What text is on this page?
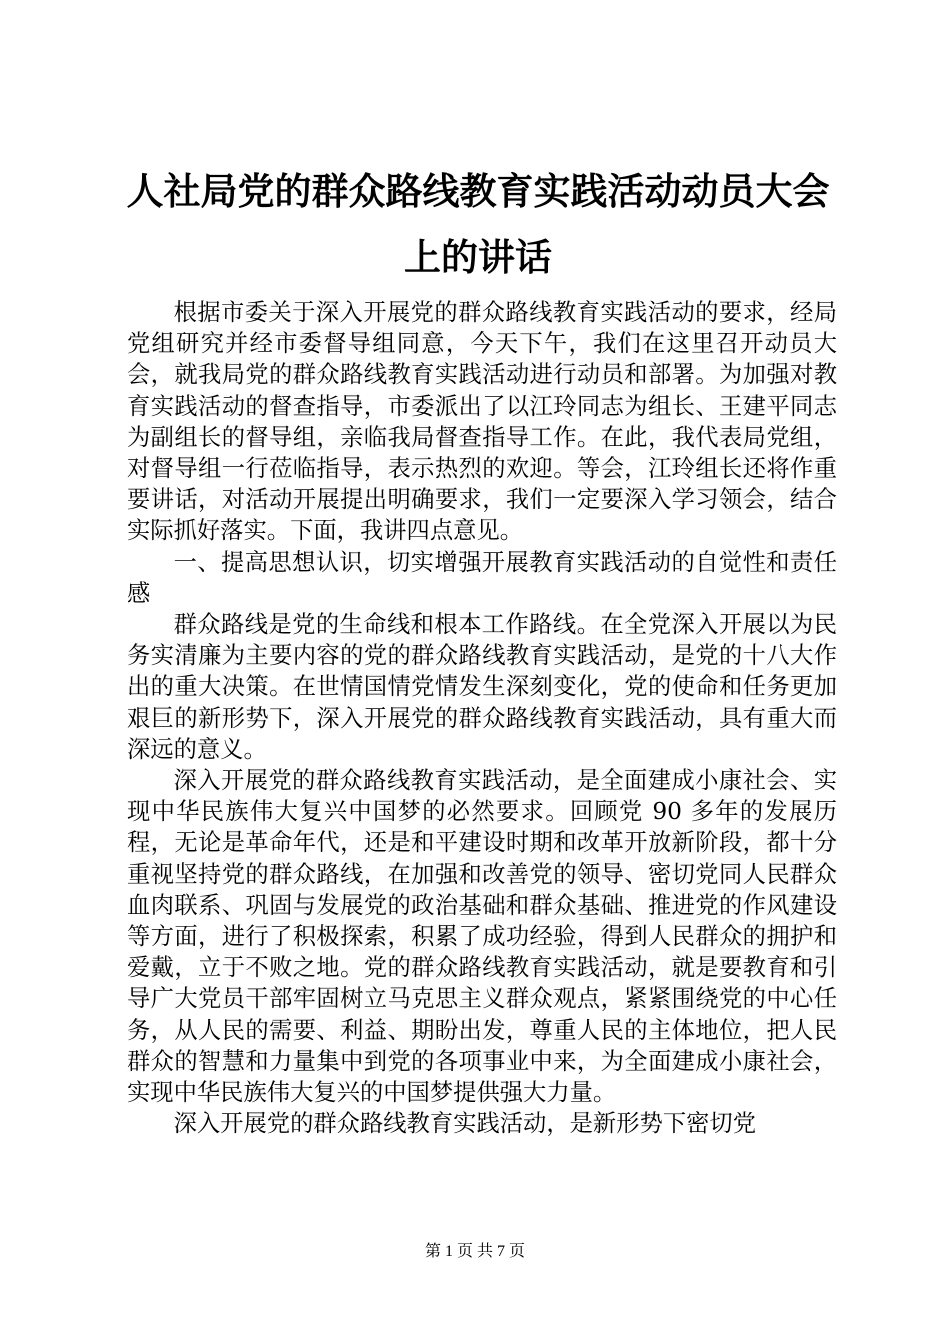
人社局党的群众路线教育实践活动动员大会上的讲话

根据市委关于深入开展党的群众路线教育实践活动的要求，经局党组研究并经市委督导组同意，今天下午，我们在这里召开动员大会，就我局党的群众路线教育实践活动进行动员和部署。为加强对教育实践活动的督查指导，市委派出了以江玲同志为组长、王建平同志为副组长的督导组，亲临我局督查指导工作。在此，我代表局党组，对督导组一行莅临指导，表示热烈的欢迎。等会，江玲组长还将作重要讲话，对活动开展提出明确要求，我们一定要深入学习领会，结合实际抓好落实。下面，我讲四点意见。

一、提高思想认识，切实增强开展教育实践活动的自觉性和责任感

群众路线是党的生命线和根本工作路线。在全党深入开展以为民务实清廉为主要内容的党的群众路线教育实践活动，是党的十八大作出的重大决策。在世情国情党情发生深刻变化，党的使命和任务更加艰巨的新形势下，深入开展党的群众路线教育实践活动，具有重大而深远的意义。

深入开展党的群众路线教育实践活动，是全面建成小康社会、实现中华民族伟大复兴中国梦的必然要求。回顾党 90 多年的发展历程，无论是革命年代，还是和平建设时期和改革开放新阶段，都十分重视坚持党的群众路线，在加强和改善党的领导、密切党同人民群众血肉联系、巩固与发展党的政治基础和群众基础、推进党的作风建设等方面，进行了积极探索，积累了成功经验，得到人民群众的拥护和爱戴，立于不败之地。党的群众路线教育实践活动，就是要教育和引导广大党员干部牢固树立马克思主义群众观点，紧紧围绕党的中心任务，从人民的需要、利益、期盼出发，尊重人民的主体地位，把人民群众的智慧和力量集中到党的各项事业中来，为全面建成小康社会，实现中华民族伟大复兴的中国梦提供强大力量。

深入开展党的群众路线教育实践活动，是新形势下密切党

第 1 页 共 7 页
